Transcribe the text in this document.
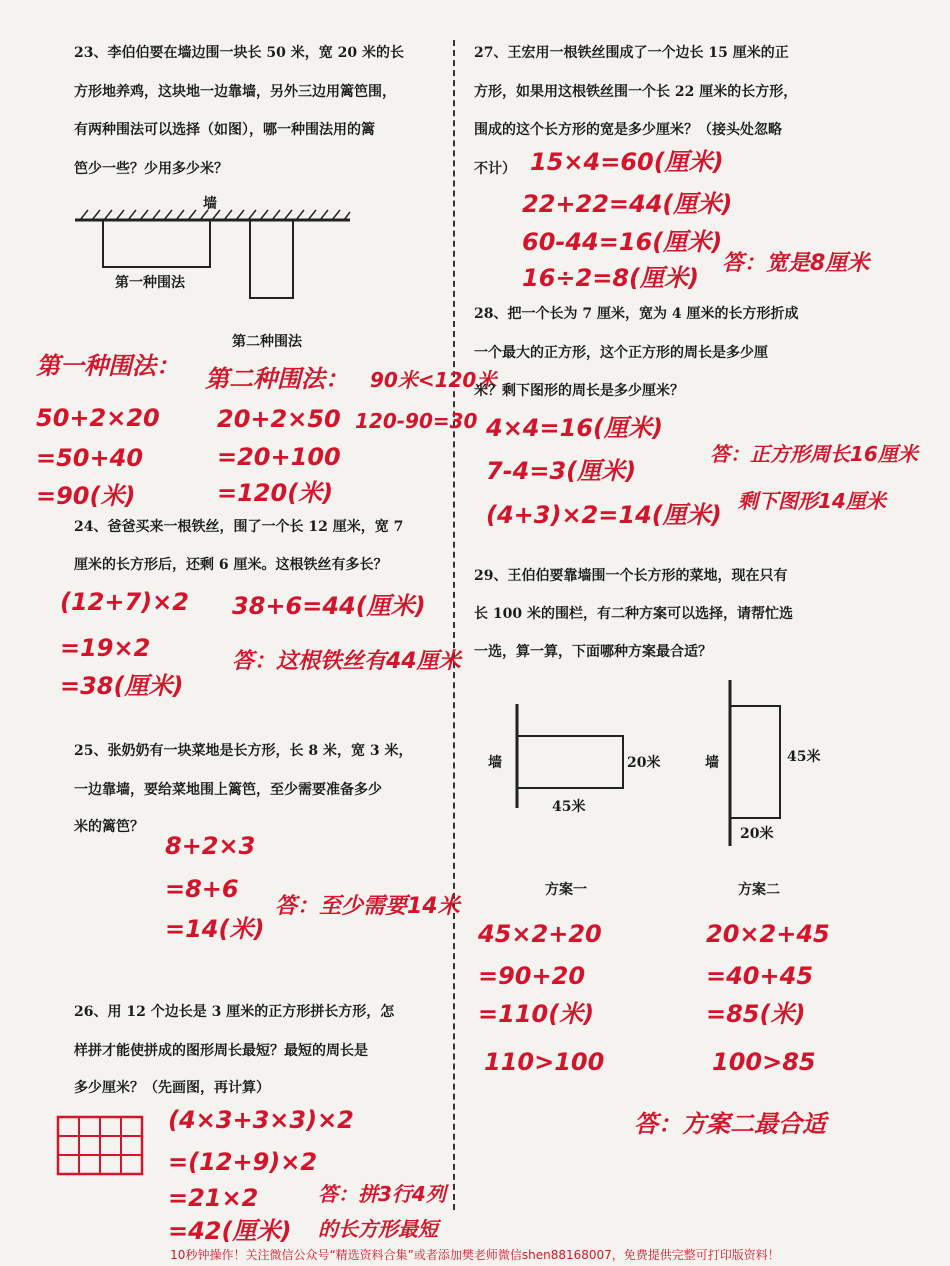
23、李伯伯要在墙边围一块长 50 米，宽 20 米的长
方形地养鸡，这块地一边靠墙，另外三边用篱笆围，
有两种围法可以选择（如图），哪一种围法用的篱
笆少一些？少用多少米？
墙
第一种围法
第二种围法
第一种围法：
50+2×20
=50+40
=90(米)
第二种围法：
20+2×50
=20+100
=120(米)
90米<120米
120-90=30
24、爸爸买来一根铁丝，围了一个长 12 厘米，宽 7
厘米的长方形后，还剩 6 厘米。这根铁丝有多长？
(12+7)×2
=19×2
=38(厘米)
38+6=44(厘米)
答：这根铁丝有44厘米
25、张奶奶有一块菜地是长方形，长 8 米，宽 3 米，
一边靠墙，要给菜地围上篱笆，至少需要准备多少
米的篱笆？
8+2×3
=8+6
=14(米)
答：至少需要14米
26、用 12 个边长是 3 厘米的正方形拼长方形，怎
样拼才能使拼成的图形周长最短？最短的周长是
多少厘米？（先画图，再计算）
(4×3+3×3)×2
=(12+9)×2
=21×2
=42(厘米)
答：拼3行4列
的长方形最短
27、王宏用一根铁丝围成了一个边长 15 厘米的正
方形，如果用这根铁丝围一个长 22 厘米的长方形，
围成的这个长方形的宽是多少厘米？（接头处忽略
不计） 15×4=60(厘米)
22+22=44(厘米)
60-44=16(厘米)
16÷2=8(厘米)
答：宽是8厘米
28、把一个长为 7 厘米，宽为 4 厘米的长方形折成
一个最大的正方形，这个正方形的周长是多少厘
米？剩下图形的周长是多少厘米？
4×4=16(厘米)
7-4=3(厘米)
(4+3)×2=14(厘米)
答：正方形周长16厘米
剩下图形14厘米
29、王伯伯要靠墙围一个长方形的菜地，现在只有
长 100 米的围栏，有二种方案可以选择，请帮忙选
一选，算一算，下面哪种方案最合适？
墙	20米
45米
墙	45米
20米
方案一	方案二
45×2+20
=90+20
=110(米)
110>100
20×2+45
=40+45
=85(米)
100>85
答：方案二最合适
10秒钟操作！关注微信公众号“精选资料合集”或者添加樊老师微信shen88168007，免费提供完整可打印版资料！
